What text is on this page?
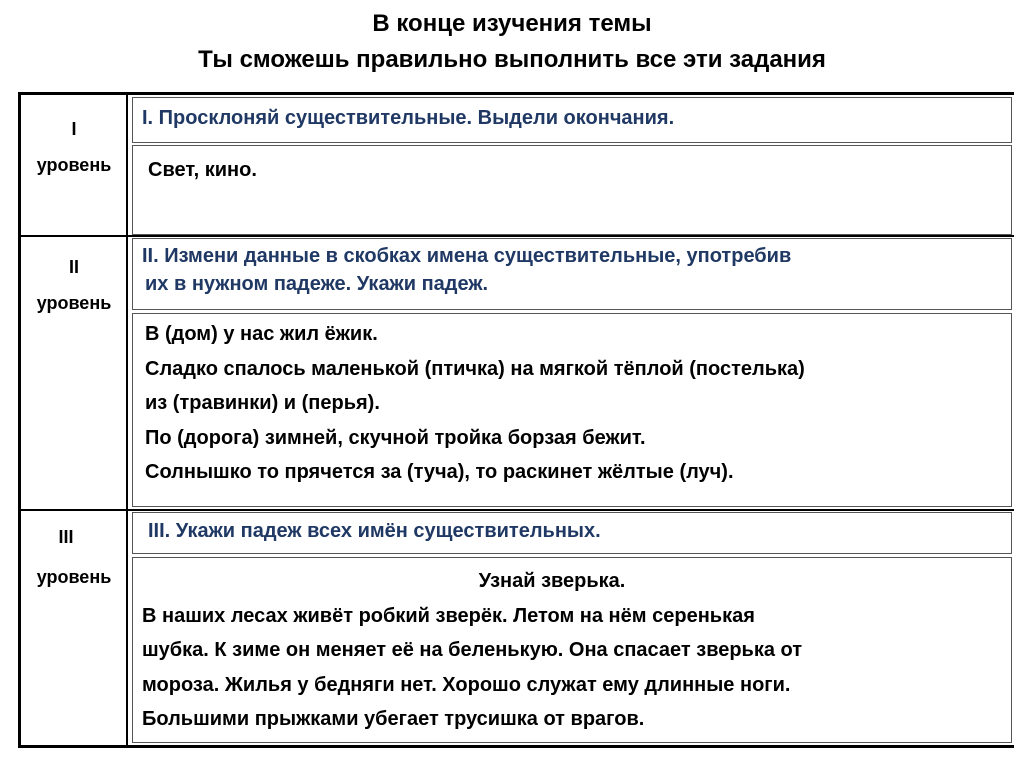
В конце изучения темы
Ты сможешь правильно выполнить все эти задания
I
уровень
I. Просклоняй существительные. Выдели окончания.
Свет, кино.
II
уровень
II. Измени данные в скобках имена существительные, употребив
их в нужном падеже. Укажи падеж.
В (дом) у нас жил ёжик.
Сладко спалось маленькой (птичка) на мягкой тёплой (постелька)
из (травинки) и (перья).
По (дорога) зимней, скучной тройка борзая бежит.
Солнышко то прячется за (туча), то раскинет жёлтые (луч).
III
уровень
III. Укажи падеж всех имён существительных.
Узнай зверька.
В наших лесах живёт робкий зверёк. Летом на нём серенькая
шубка. К зиме он меняет её на беленькую. Она спасает зверька от
мороза. Жилья у бедняги нет. Хорошо служат ему длинные ноги.
Большими прыжками убегает трусишка от врагов.
